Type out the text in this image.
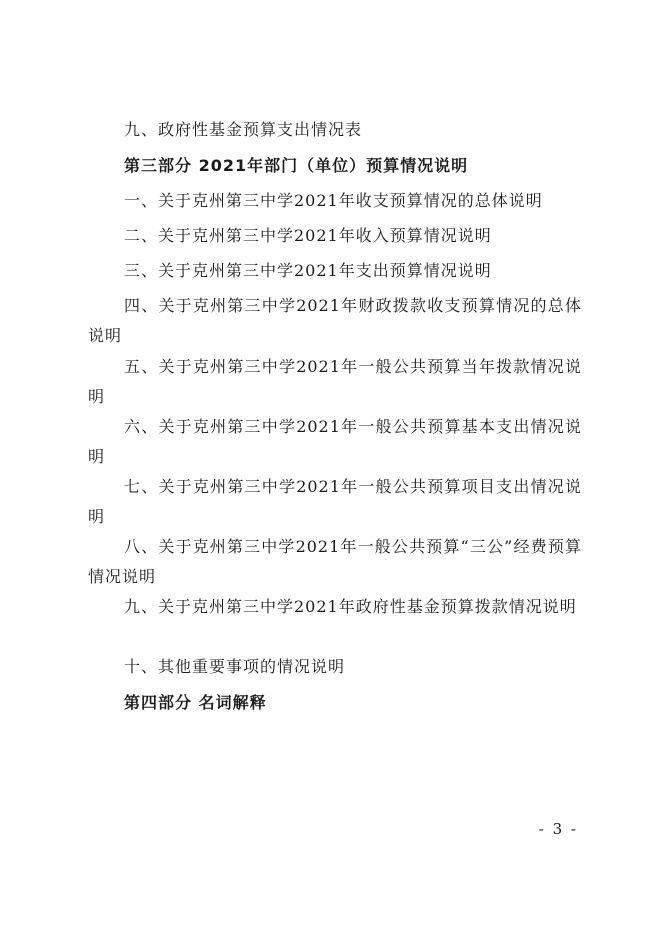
九、政府性基金预算支出情况表
第三部分 2021年部门（单位）预算情况说明
一、关于克州第三中学2021年收支预算情况的总体说明
二、关于克州第三中学2021年收入预算情况说明
三、关于克州第三中学2021年支出预算情况说明
四、关于克州第三中学2021年财政拨款收支预算情况的总体说明
五、关于克州第三中学2021年一般公共预算当年拨款情况说明
六、关于克州第三中学2021年一般公共预算基本支出情况说明
七、关于克州第三中学2021年一般公共预算项目支出情况说明
八、关于克州第三中学2021年一般公共预算“三公”经费预算情况说明
九、关于克州第三中学2021年政府性基金预算拨款情况说明
十、其他重要事项的情况说明
第四部分 名词解释
- 3 -
